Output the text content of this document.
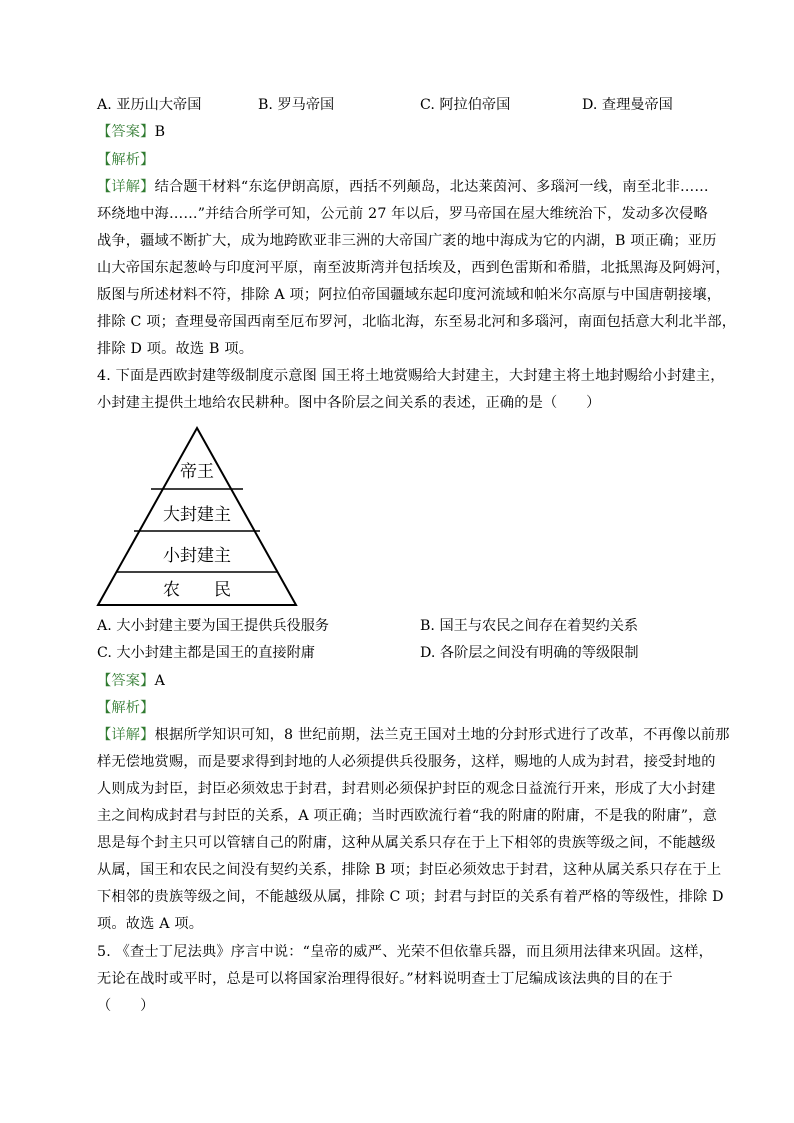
A. 亚历山大帝国	B. 罗马帝国	C. 阿拉伯帝国	D. 查理曼帝国
【答案】B
【解析】
【详解】结合题干材料“东迄伊朗高原，西括不列颠岛，北达莱茵河、多瑙河一线，南至北非……
环绕地中海……”并结合所学可知，公元前 27 年以后，罗马帝国在屋大维统治下，发动多次侵略
战争，疆域不断扩大，成为地跨欧亚非三洲的大帝国广袤的地中海成为它的内湖，B 项正确；亚历
山大帝国东起葱岭与印度河平原，南至波斯湾并包括埃及，西到色雷斯和希腊，北抵黑海及阿姆河，
版图与所述材料不符，排除 A 项；阿拉伯帝国疆域东起印度河流域和帕米尔高原与中国唐朝接壤，
排除 C 项；查理曼帝国西南至厄布罗河，北临北海，东至易北河和多瑙河，南面包括意大利北半部，
排除 D 项。故选 B 项。
4. 下面是西欧封建等级制度示意图 国王将土地赏赐给大封建主，大封建主将土地封赐给小封建主，
小封建主提供土地给农民耕种。图中各阶层之间关系的表述，正确的是（　　）
帝王
大封建主
小封建主
农　　民
A. 大小封建主要为国王提供兵役服务	B. 国王与农民之间存在着契约关系
C. 大小封建主都是国王的直接附庸	D. 各阶层之间没有明确的等级限制
【答案】A
【解析】
【详解】根据所学知识可知，8 世纪前期，法兰克王国对土地的分封形式进行了改革，不再像以前那
样无偿地赏赐，而是要求得到封地的人必须提供兵役服务，这样，赐地的人成为封君，接受封地的
人则成为封臣，封臣必须效忠于封君，封君则必须保护封臣的观念日益流行开来，形成了大小封建
主之间构成封君与封臣的关系，A 项正确；当时西欧流行着“我的附庸的附庸，不是我的附庸”，意
思是每个封主只可以管辖自己的附庸，这种从属关系只存在于上下相邻的贵族等级之间，不能越级
从属，国王和农民之间没有契约关系，排除 B 项；封臣必须效忠于封君，这种从属关系只存在于上
下相邻的贵族等级之间，不能越级从属，排除 C 项；封君与封臣的关系有着严格的等级性，排除 D
项。故选 A 项。
5. 《查士丁尼法典》序言中说：“皇帝的威严、光荣不但依靠兵器，而且须用法律来巩固。这样，
无论在战时或平时，总是可以将国家治理得很好。”材料说明查士丁尼编成该法典的目的在于
（　　）
